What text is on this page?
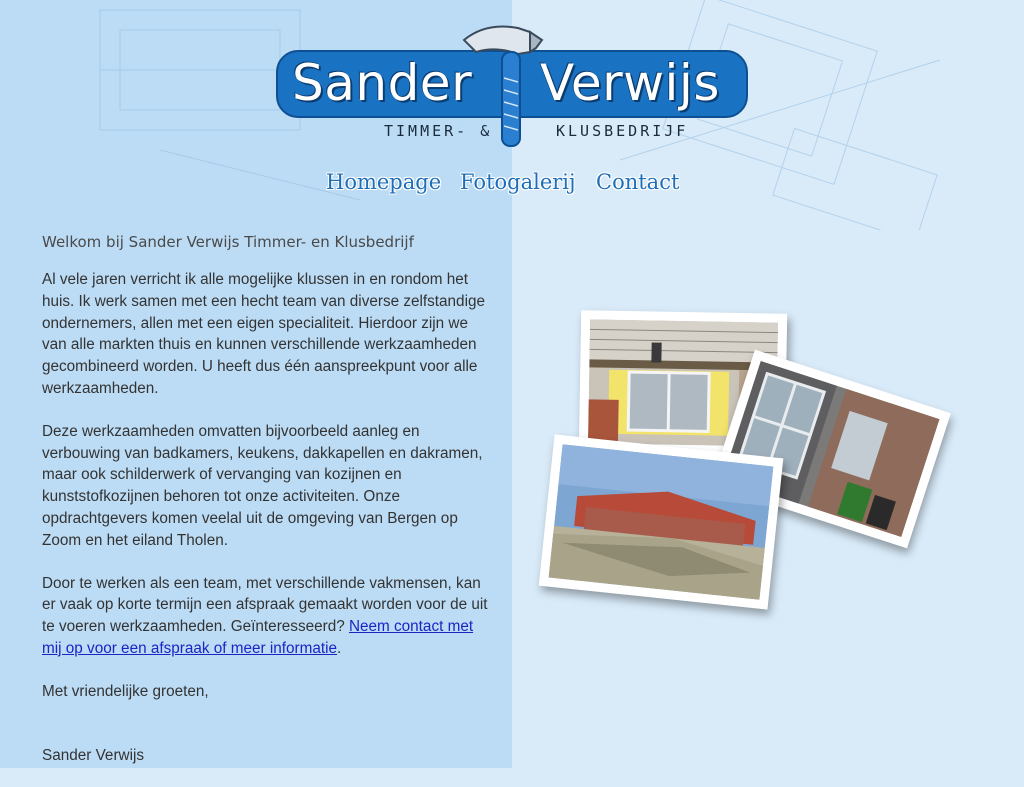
Sander Verwijs
TIMMER- &	KLUSBEDRIJF
Homepage Fotogalerij Contact
Welkom bij Sander Verwijs Timmer- en Klusbedrijf

Al vele jaren verricht ik alle mogelijke klussen in en rondom het huis. Ik werk samen met een hecht team van diverse zelfstandige ondernemers, allen met een eigen specialiteit. Hierdoor zijn we van alle markten thuis en kunnen verschillende werkzaamheden gecombineerd worden. U heeft dus één aanspreekpunt voor alle werkzaamheden.

Deze werkzaamheden omvatten bijvoorbeeld aanleg en verbouwing van badkamers, keukens, dakkapellen en dakramen, maar ook schilderwerk of vervanging van kozijnen en kunststofkozijnen behoren tot onze activiteiten. Onze opdrachtgevers komen veelal uit de omgeving van Bergen op Zoom en het eiland Tholen.

Door te werken als een team, met verschillende vakmensen, kan er vaak op korte termijn een afspraak gemaakt worden voor de uit te voeren werkzaamheden. Geïnteresseerd? Neem contact met mij op voor een afspraak of meer informatie.

Met vriendelijke groeten,

Sander Verwijs
